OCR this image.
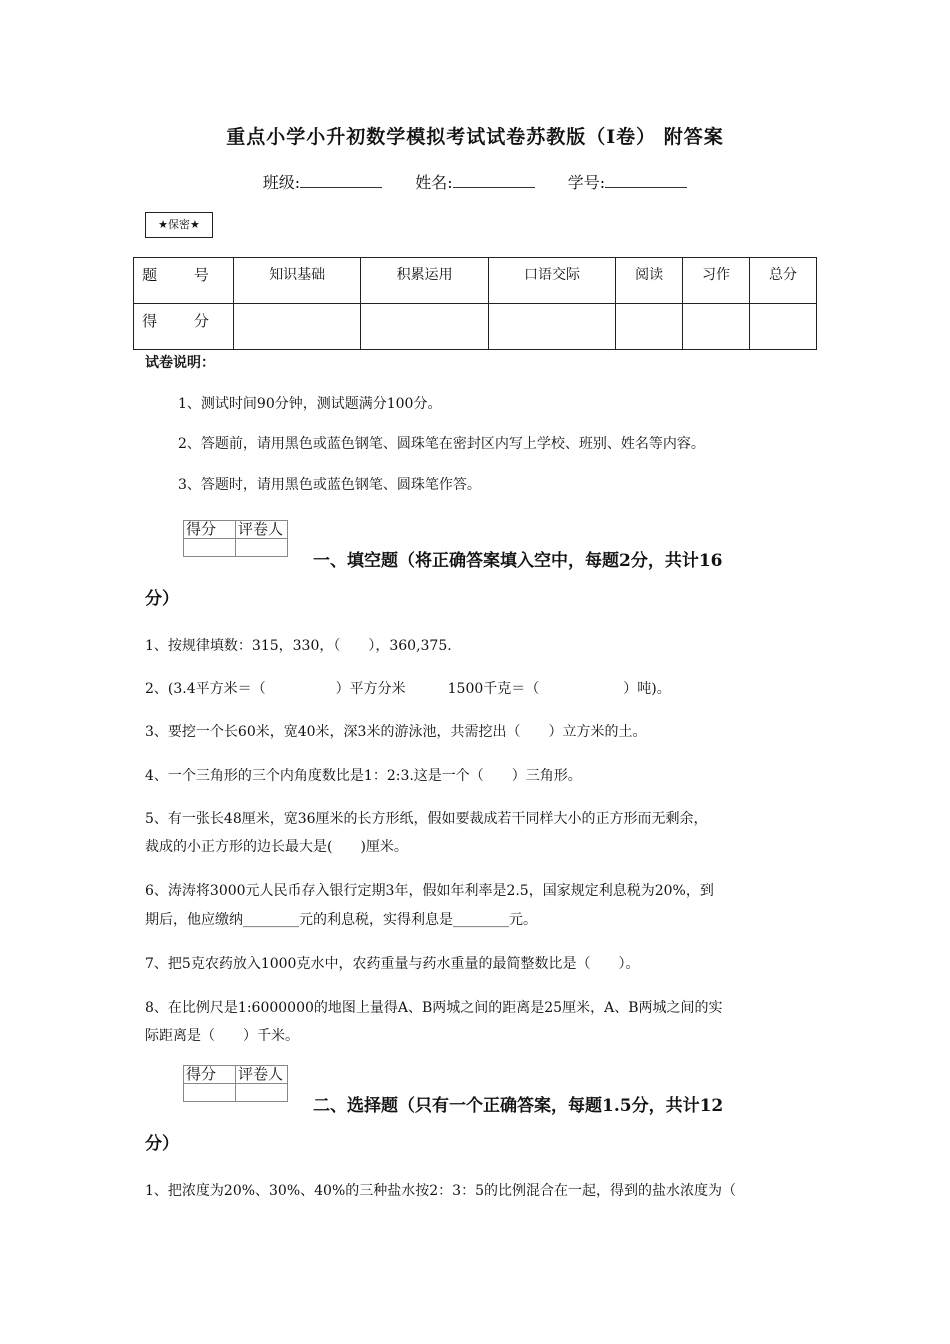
重点小学小升初数学模拟考试试卷苏教版（I卷） 附答案
班级:	姓名:	学号:
★保密★
题 号	知识基础	积累运用	口语交际	阅读	习作	总分
得 分						
试卷说明：
1、测试时间90分钟，测试题满分100分。
2、答题前，请用黑色或蓝色钢笔、圆珠笔在密封区内写上学校、班别、姓名等内容。
3、答题时，请用黑色或蓝色钢笔、圆珠笔作答。
得分	评卷人

一、填空题（将正确答案填入空中，每题2分，共计16
分）
1、按规律填数：315，330，（　　），360,375.
2、(3.4平方米＝（　　　　　）平方分米　　　1500千克＝（　　　　　　）吨)。
3、要挖一个长60米，宽40米，深3米的游泳池，共需挖出（　　）立方米的土。
4、一个三角形的三个内角度数比是1：2:3.这是一个（　　）三角形。
5、有一张长48厘米，宽36厘米的长方形纸，假如要裁成若干同样大小的正方形而无剩余，
裁成的小正方形的边长最大是(　　)厘米。
6、涛涛将3000元人民币存入银行定期3年，假如年利率是2.5，国家规定利息税为20%，到
期后，他应缴纳________元的利息税，实得利息是________元。
7、把5克农药放入1000克水中，农药重量与药水重量的最简整数比是（　　）。
8、在比例尺是1:6000000的地图上量得A、B两城之间的距离是25厘米，A、B两城之间的实
际距离是（　　）千米。
得分	评卷人

二、选择题（只有一个正确答案，每题1.5分，共计12
分）
1、把浓度为20%、30%、40%的三种盐水按2：3：5的比例混合在一起，得到的盐水浓度为（
